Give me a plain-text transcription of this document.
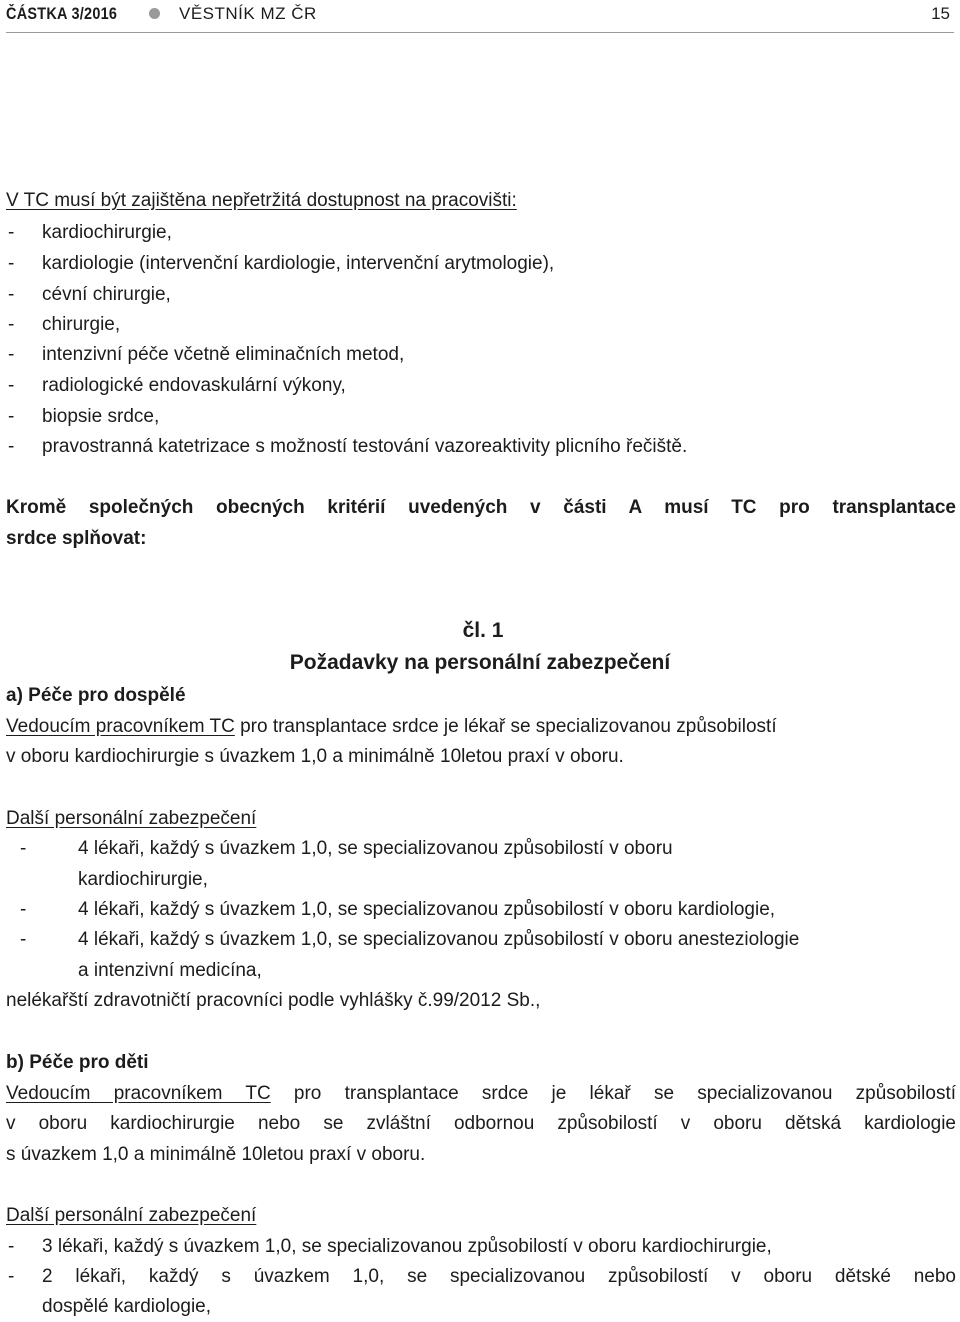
ČÁSTKA 3/2016	VĚSTNÍK MZ ČR	15
V TC musí být zajištěna nepřetržitá dostupnost na pracovišti:
- kardiochirurgie,
- kardiologie (intervenční kardiologie, intervenční arytmologie),
- cévní chirurgie,
- chirurgie,
- intenzivní péče včetně eliminačních metod,
- radiologické endovaskulární výkony,
- biopsie srdce,
- pravostranná katetrizace s možností testování vazoreaktivity plicního řečiště.
Kromě společných obecných kritérií uvedených v části A musí TC pro transplantace
srdce splňovat:
čl. 1
Požadavky na personální zabezpečení
a) Péče pro dospělé
Vedoucím pracovníkem TC pro transplantace srdce je lékař se specializovanou způsobilostí
v oboru kardiochirurgie s úvazkem 1,0 a minimálně 10letou praxí v oboru.
Další personální zabezpečení
-	4 lékaři, každý s úvazkem 1,0, se specializovanou způsobilostí v oboru
kardiochirurgie,
-	4 lékaři, každý s úvazkem 1,0, se specializovanou způsobilostí v oboru kardiologie,
-	4 lékaři, každý s úvazkem 1,0, se specializovanou způsobilostí v oboru anesteziologie
a intenzivní medicína,
nelékařští zdravotničtí pracovníci podle vyhlášky č.99/2012 Sb.,
b) Péče pro děti
Vedoucím pracovníkem TC pro transplantace srdce je lékař se specializovanou způsobilostí
v oboru kardiochirurgie nebo se zvláštní odbornou způsobilostí v oboru dětská kardiologie
s úvazkem 1,0 a minimálně 10letou praxí v oboru.
Další personální zabezpečení
- 3 lékaři, každý s úvazkem 1,0, se specializovanou způsobilostí v oboru kardiochirurgie,
- 2 lékaři, každý s úvazkem 1,0, se specializovanou způsobilostí v oboru dětské nebo
dospělé kardiologie,
